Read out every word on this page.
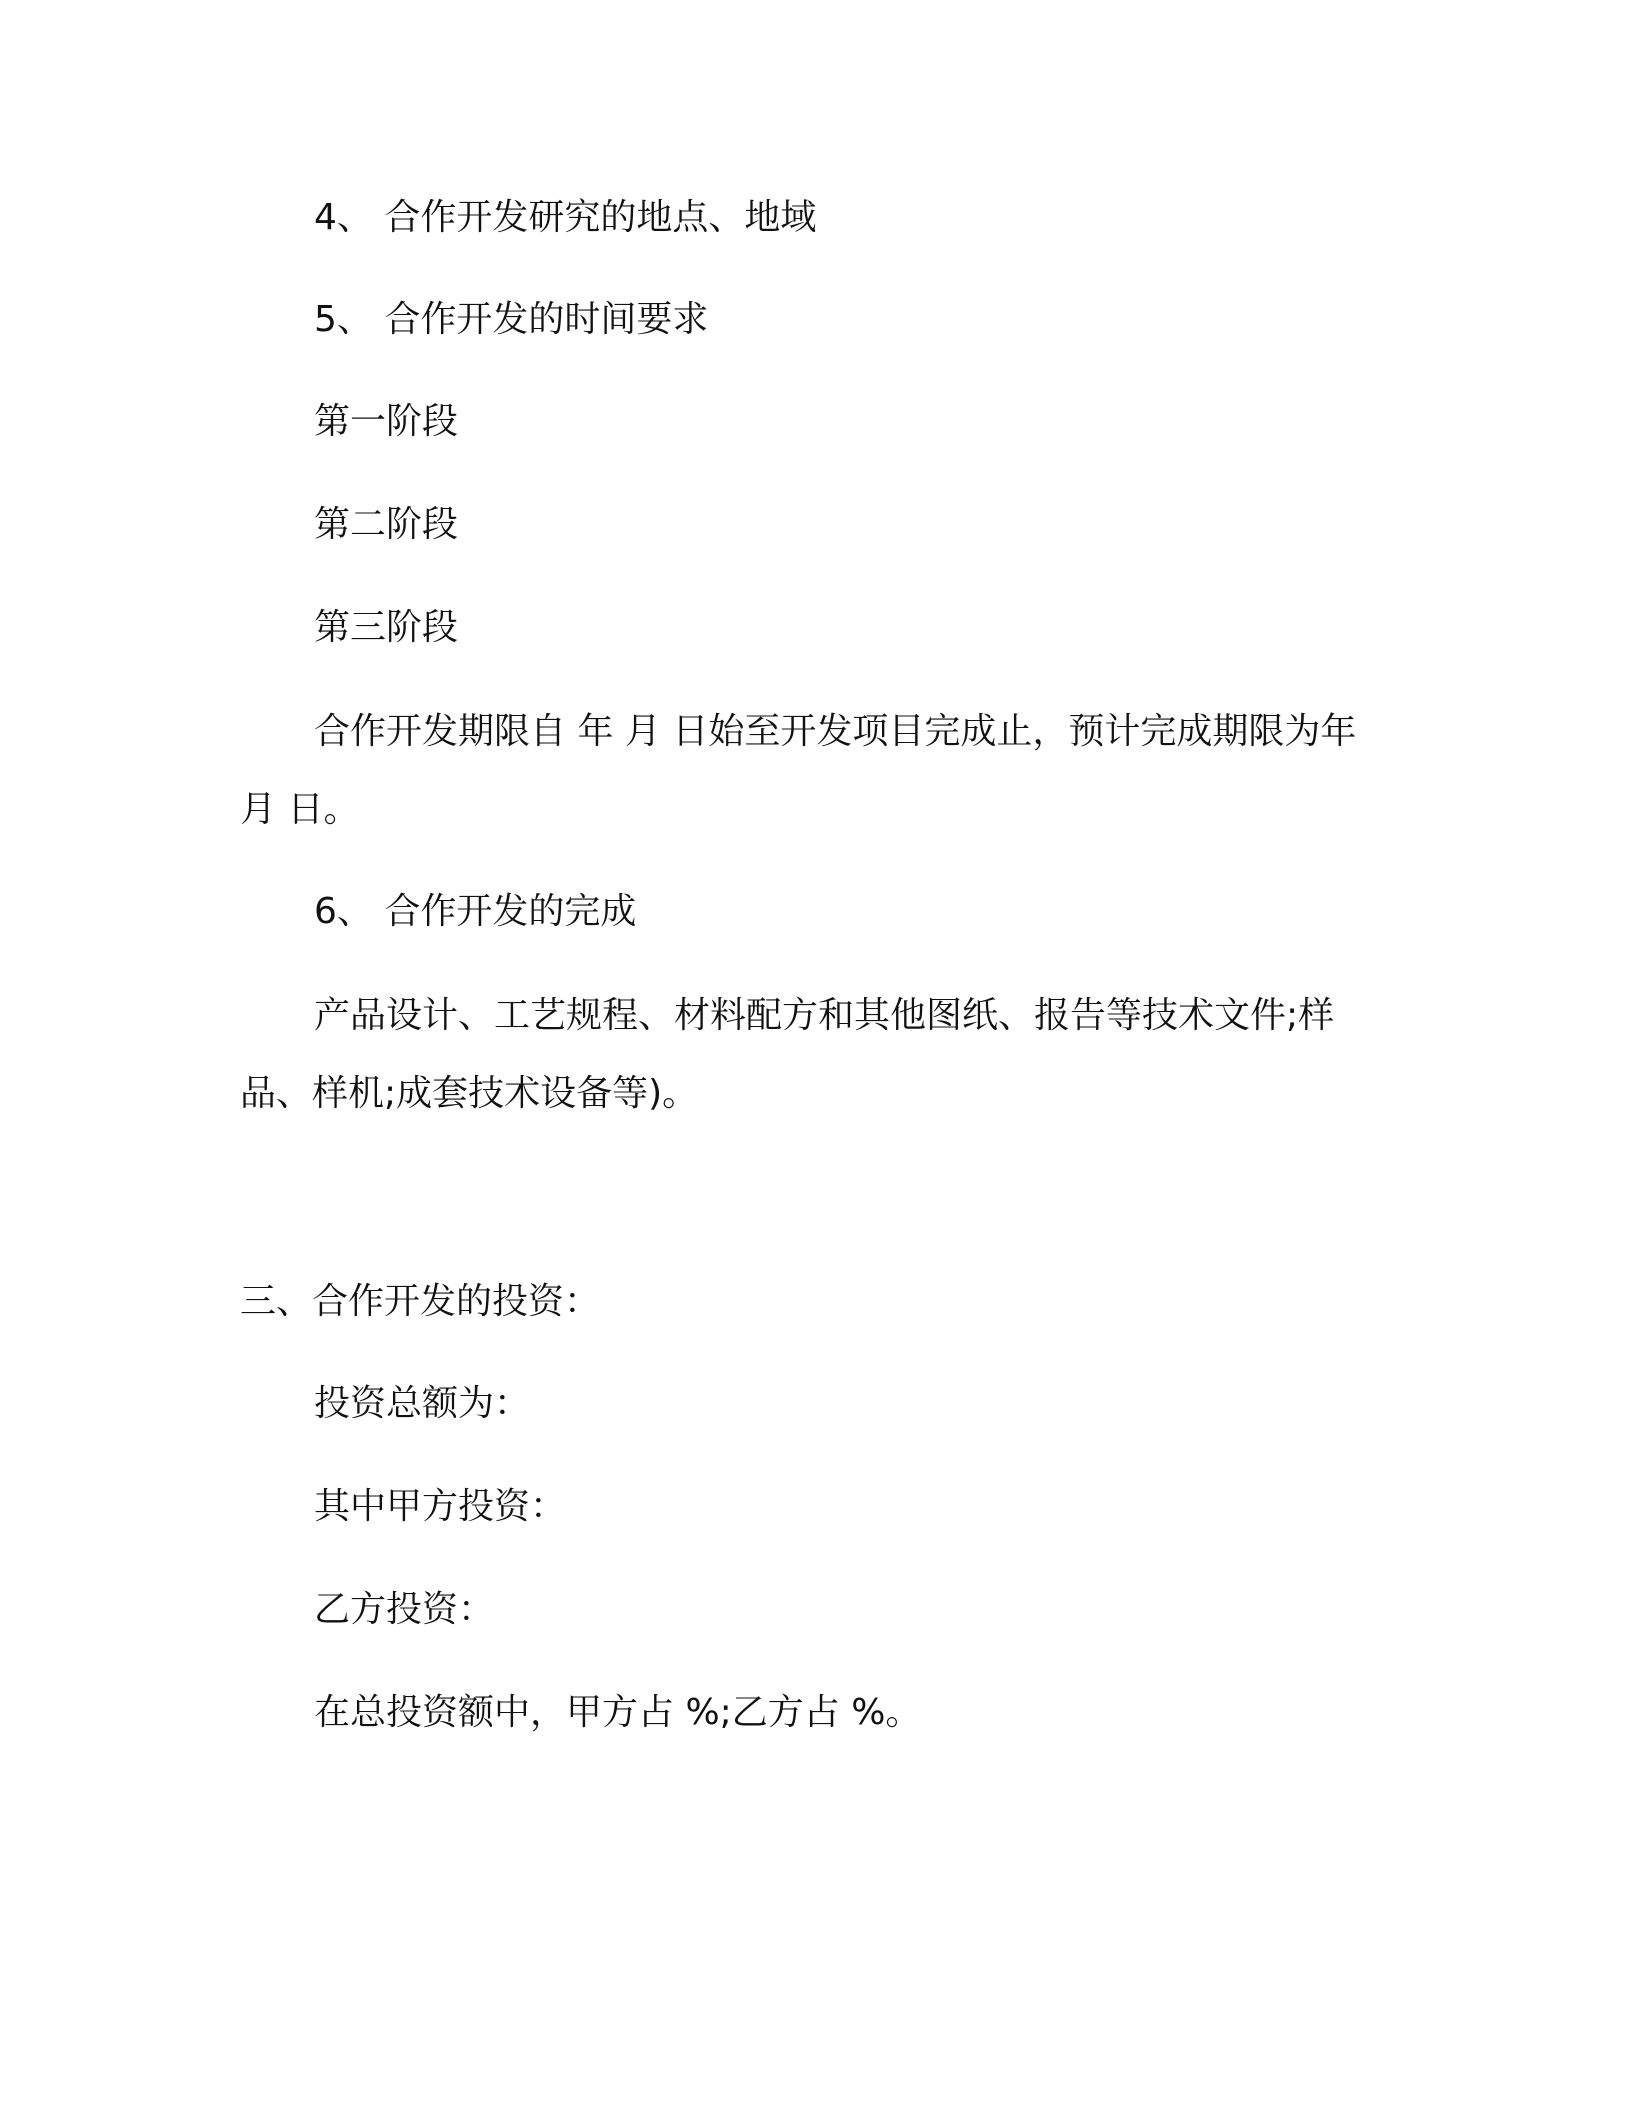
4、 合作开发研究的地点、地域
5、 合作开发的时间要求
第一阶段
第二阶段
第三阶段
合作开发期限自 年 月 日始至开发项目完成止，预计完成期限为年 月 日。
6、 合作开发的完成
产品设计、工艺规程、材料配方和其他图纸、报告等技术文件;样品、样机;成套技术设备等)。
三、合作开发的投资：
投资总额为：
其中甲方投资：
乙方投资：
在总投资额中，甲方占 %;乙方占 %。
